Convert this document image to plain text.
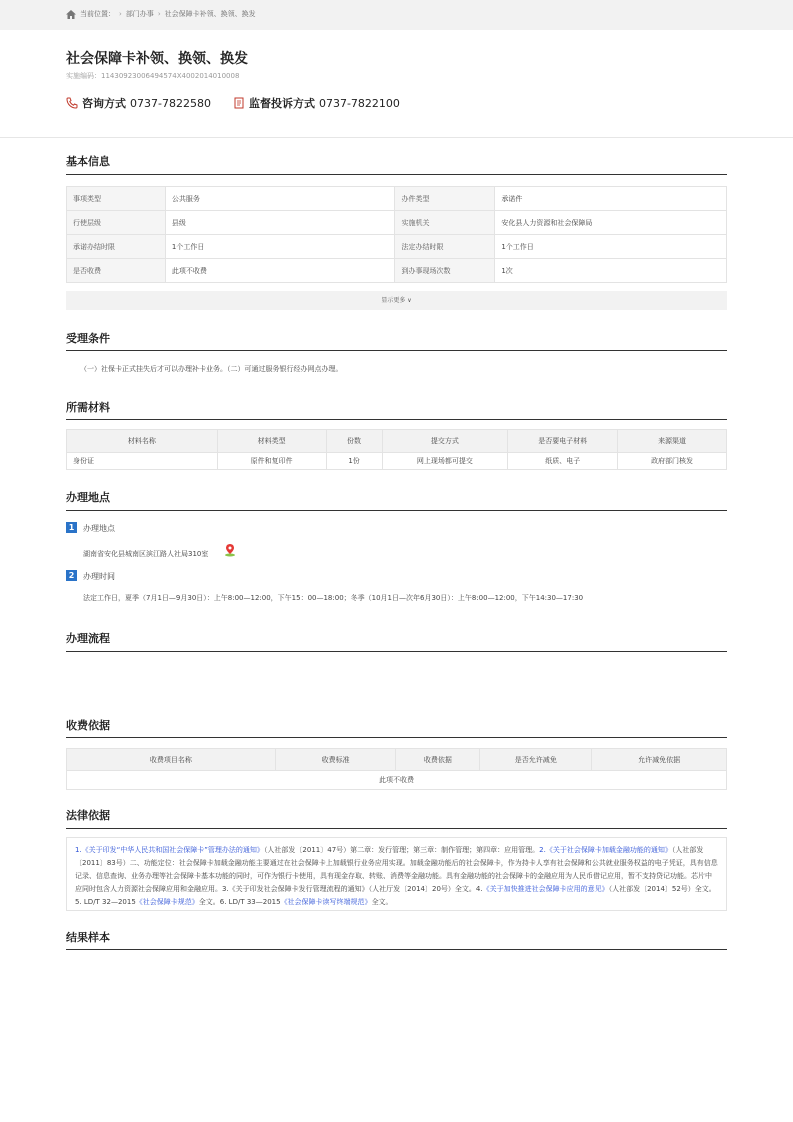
当前位置： › 部门办事 › 社会保障卡补领、换领、换发
社会保障卡补领、换领、换发
实施编码：11430923006494574X4002014010008
咨询方式 0737-7822580	监督投诉方式 0737-7822100
基本信息
事项类型	公共服务	办件类型	承诺件
行使层级	县级	实施机关	安化县人力资源和社会保障局
承诺办结时限	1个工作日	法定办结时限	1个工作日
是否收费	此项不收费	到办事现场次数	1次
显示更多 ∨
受理条件
（一）社保卡正式挂失后才可以办理补卡业务。（二）可通过服务银行经办网点办理。
所需材料
材料名称	材料类型	份数	提交方式	是否要电子材料	来源渠道
身份证	原件和复印件	1份	网上现场都可提交	纸质、电子	政府部门核发
办理地点
1	办理地点
湖南省安化县城南区滨江路人社局310室
2	办理时间
法定工作日，夏季（7月1日—9月30日）：上午8:00—12:00，下午15：00—18:00；冬季（10月1日—次年6月30日）：上午8:00—12:00，下午14:30—17:30
办理流程
收费依据
收费项目名称	收费标准	收费依据	是否允许减免	允许减免依据
此项不收费
法律依据
1.《关于印发“中华人民共和国社会保障卡”管理办法的通知》（人社部发〔2011〕47号）第二章：发行管理；第三章：制作管理；第四章：应用管理。2.《关于社会保障卡加载金融功能的通知》（人社部发〔2011〕83号）二、功能定位：社会保障卡加载金融功能主要通过在社会保障卡上加载银行业务应用实现。加载金融功能后的社会保障卡，作为持卡人享有社会保障和公共就业服务权益的电子凭证，具有信息记录、信息查询、业务办理等社会保障卡基本功能的同时，可作为银行卡使用，具有现金存取、转账、消费等金融功能。具有金融功能的社会保障卡的金融应用为人民币借记应用，暂不支持贷记功能。芯片中应同时包含人力资源社会保障应用和金融应用。3.《关于印发社会保障卡发行管理流程的通知》（人社厅发〔2014〕20号）全文。4.《关于加快推进社会保障卡应用的意见》（人社部发〔2014〕52号）全文。5. LD/T 32—2015《社会保障卡规范》全文。6. LD/T 33—2015《社会保障卡读写终端规范》全文。
结果样本
